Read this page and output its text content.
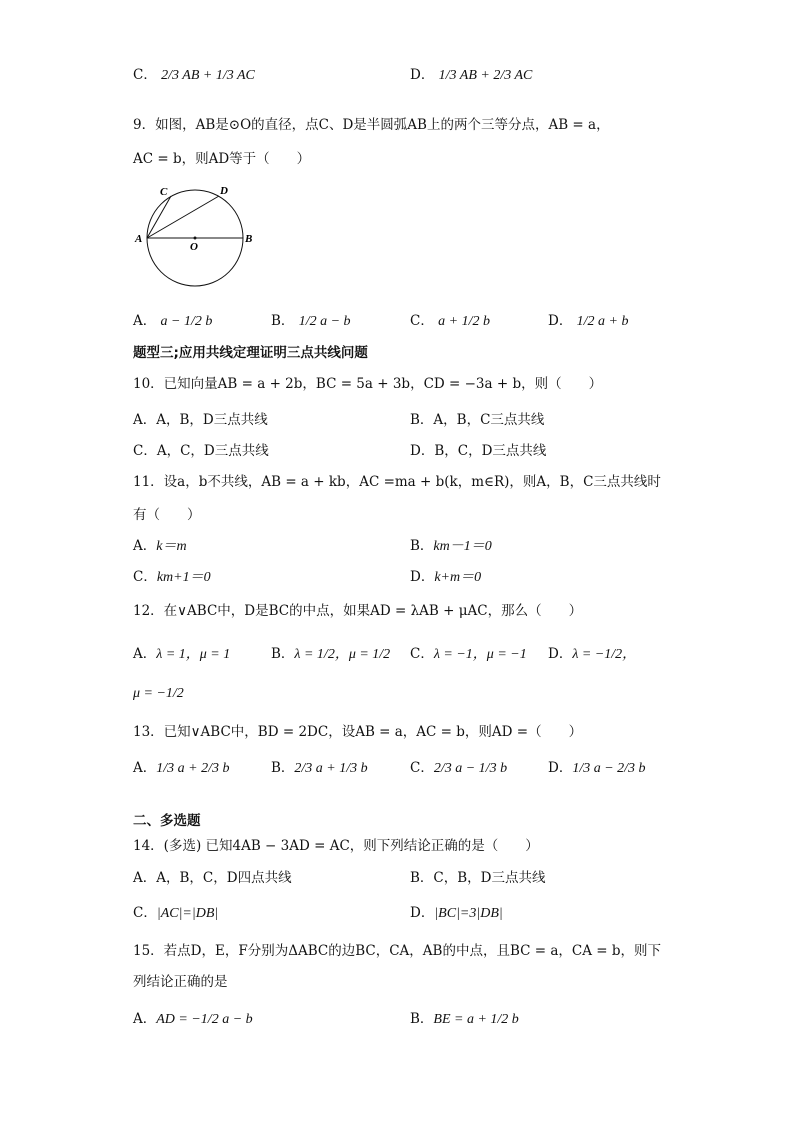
C． 2/3 AB + 1/3 AC	D． 1/3 AB + 2/3 AC
9．如图，AB是⊙O的直径，点C、D是半圆弧AB上的两个三等分点，AB = a，
AC = b，则AD等于（　　）
C	D
A
O
B
A． a − 1/2 b	B． 1/2 a − b	C． a + 1/2 b	D． 1/2 a + b
题型三;应用共线定理证明三点共线问题
10．已知向量AB = a + 2b，BC = 5a + 3b，CD = −3a + b，则（　　）
A．A，B，D三点共线	B．A，B，C三点共线
C．A，C，D三点共线	D．B，C，D三点共线
11．设a，b不共线，AB = a + kb，AC =ma + b(k，m∈R)，则A，B，C三点共线时
有（　　）
A．k＝m	B．km－1＝0
C．km+1＝0	D．k+m＝0
12．在∨ABC中，D是BC的中点，如果AD = λAB + μAC，那么（　　）
A．λ = 1，μ = 1	B．λ = 1/2，μ = 1/2 C．λ = −1，μ = −1 D．λ = −1/2，
μ = −1/2
13．已知∨ABC中，BD = 2DC，设AB = a，AC = b，则AD =（　　）
A．1/3 a + 2/3 b	B．2/3 a + 1/3 b	C．2/3 a − 1/3 b	D．1/3 a − 2/3 b
二、多选题
14．(多选) 已知4AB − 3AD = AC，则下列结论正确的是（　　）
A．A，B，C，D四点共线	B．C，B，D三点共线
C．|AC|=|DB|	D．|BC|=3|DB|
15．若点D，E，F分别为ΔABC的边BC，CA，AB的中点，且BC = a，CA = b，则下
列结论正确的是
A．AD = −1/2 a − b	B．BE = a + 1/2 b
